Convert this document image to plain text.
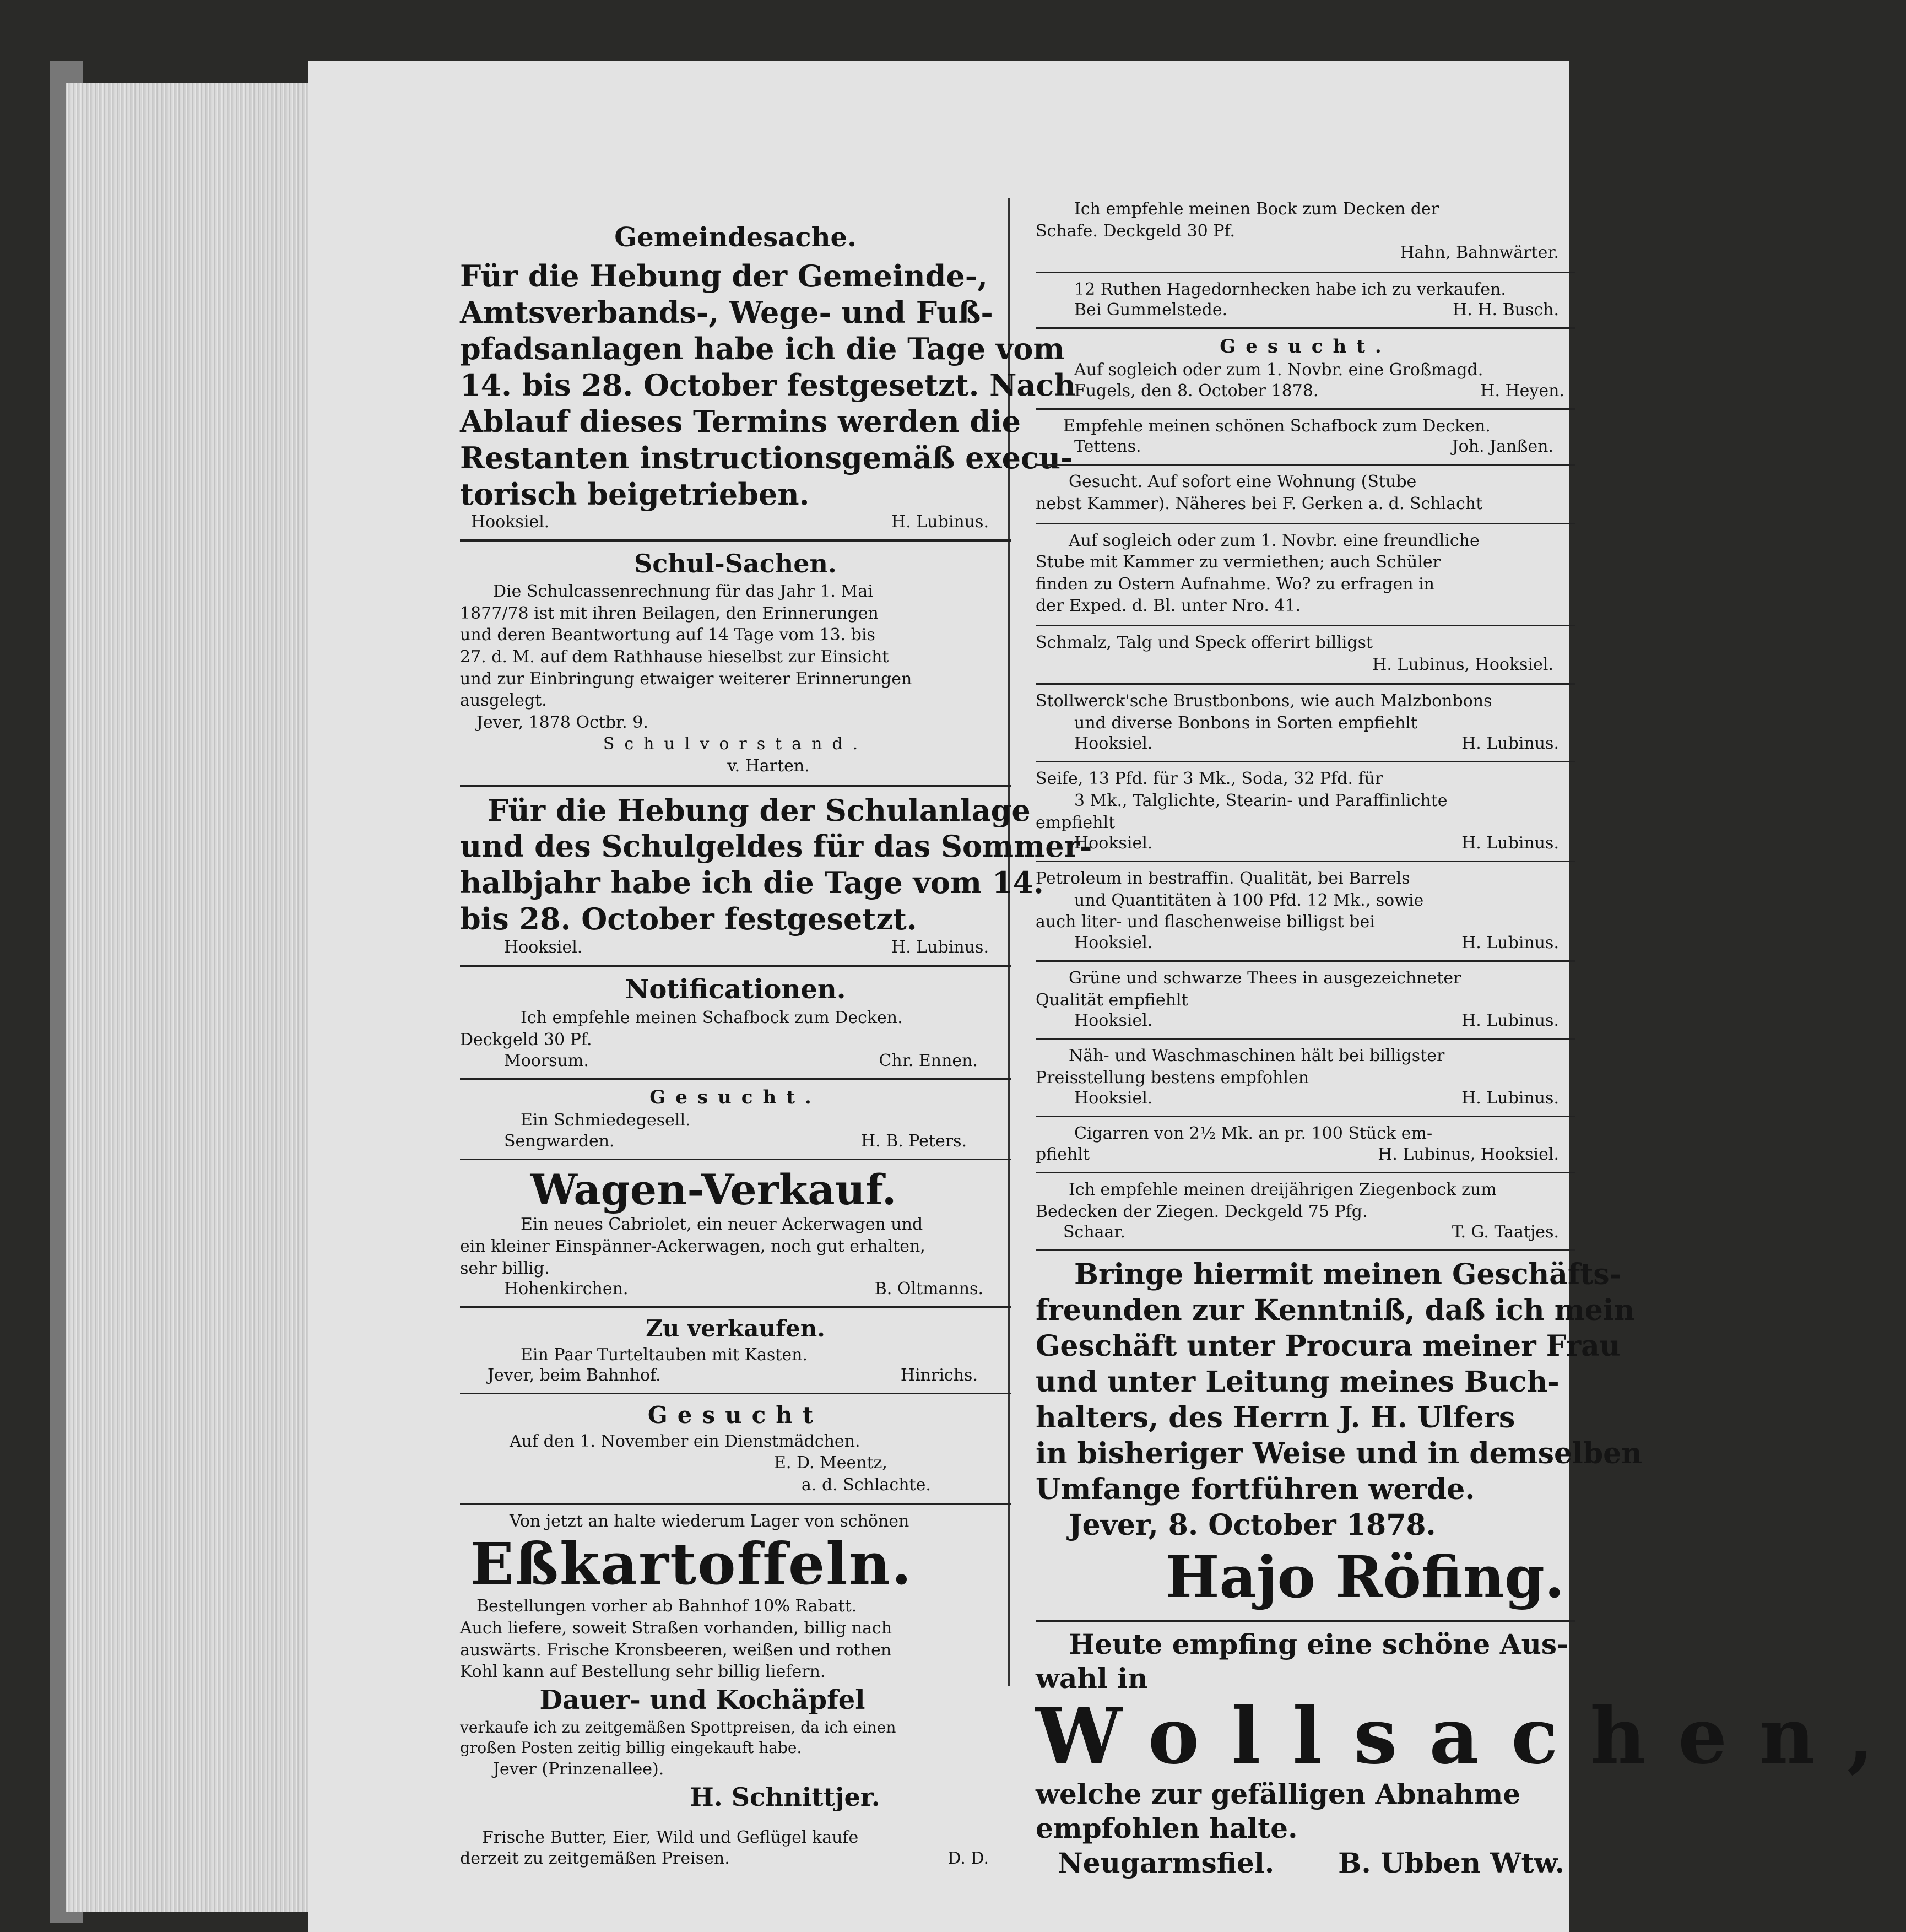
Gemeindesache.

Für die Hebung der Gemeinde-,

Amtsverbands-, Wege- und Fuß-

pfadsanlagen habe ich die Tage vom

14. bis 28. October festgesetzt. Nach

Ablauf dieses Termins werden die

Restanten instructionsgemäß execu-

torisch beigetrieben.

Hooksiel.	H. Lubinus.

Schul-Sachen.

Die Schulcassenrechnung für das Jahr 1. Mai

1877/78 ist mit ihren Beilagen, den Erinnerungen

und deren Beantwortung auf 14 Tage vom 13. bis

27. d. M. auf dem Rathhause hieselbst zur Einsicht

und zur Einbringung etwaiger weiterer Erinnerungen

ausgelegt.

Jever, 1878 Octbr. 9.

Schulvorstand.

v. Harten.

Für die Hebung der Schulanlage

und des Schulgeldes für das Sommer-

halbjahr habe ich die Tage vom 14.

bis 28. October festgesetzt.

Hooksiel.	H. Lubinus.

Notificationen.

Ich empfehle meinen Schafbock zum Decken.

Deckgeld 30 Pf.

Moorsum.	Chr. Ennen.

Gesucht.

Ein Schmiedegesell.

Sengwarden.	H. B. Peters.

Wagen-Verkauf.

Ein neues Cabriolet, ein neuer Ackerwagen und

ein kleiner Einspänner-Ackerwagen, noch gut erhalten,

sehr billig.

Hohenkirchen.	B. Oltmanns.

Zu verkaufen.

Ein Paar Turteltauben mit Kasten.

Jever, beim Bahnhof.	Hinrichs.

Gesucht

Auf den 1. November ein Dienstmädchen.

E. D. Meentz,

a. d. Schlachte.

Von jetzt an halte wiederum Lager von schönen

Eßkartoffeln.

Bestellungen vorher ab Bahnhof 10% Rabatt.

Auch liefere, soweit Straßen vorhanden, billig nach

auswärts. Frische Kronsbeeren, weißen und rothen

Kohl kann auf Bestellung sehr billig liefern.

Dauer- und Kochäpfel

verkaufe ich zu zeitgemäßen Spottpreisen, da ich einen

großen Posten zeitig billig eingekauft habe.

Jever (Prinzenallee).

H. Schnittjer.

Frische Butter, Eier, Wild und Geflügel kaufe

derzeit zu zeitgemäßen Preisen.	D. D.

Ich empfehle meinen Bock zum Decken der

Schafe. Deckgeld 30 Pf.

Hahn, Bahnwärter.

12 Ruthen Hagedornhecken habe ich zu verkaufen.

Bei Gummelstede.	H. H. Busch.

Gesucht.

Auf sogleich oder zum 1. Novbr. eine Großmagd.

Fugels, den 8. October 1878.	H. Heyen.

Empfehle meinen schönen Schafbock zum Decken.

Tettens.	Joh. Janßen.

Gesucht. Auf sofort eine Wohnung (Stube

nebst Kammer). Näheres bei F. Gerken a. d. Schlacht

Auf sogleich oder zum 1. Novbr. eine freundliche

Stube mit Kammer zu vermiethen; auch Schüler

finden zu Ostern Aufnahme. Wo? zu erfragen in

der Exped. d. Bl. unter Nro. 41.

Schmalz, Talg und Speck offerirt billigst

H. Lubinus, Hooksiel.

Stollwerck'sche Brustbonbons, wie auch Malzbonbons

und diverse Bonbons in Sorten empfiehlt

Hooksiel.	H. Lubinus.

Seife, 13 Pfd. für 3 Mk., Soda, 32 Pfd. für

3 Mk., Talglichte, Stearin- und Paraffinlichte

empfiehlt

Hooksiel.	H. Lubinus.

Petroleum in bestraffin. Qualität, bei Barrels

und Quantitäten à 100 Pfd. 12 Mk., sowie

auch liter- und flaschenweise billigst bei

Hooksiel.	H. Lubinus.

Grüne und schwarze Thees in ausgezeichneter

Qualität empfiehlt

Hooksiel.	H. Lubinus.

Näh- und Waschmaschinen hält bei billigster

Preisstellung bestens empfohlen

Hooksiel.	H. Lubinus.

Cigarren von 2½ Mk. an pr. 100 Stück em-

pfiehlt	H. Lubinus, Hooksiel.

Ich empfehle meinen dreijährigen Ziegenbock zum

Bedecken der Ziegen. Deckgeld 75 Pfg.

Schaar.	T. G. Taatjes.

Bringe hiermit meinen Geschäfts-

freunden zur Kenntniß, daß ich mein

Geschäft unter Procura meiner Frau

und unter Leitung meines Buch-

halters, des Herrn J. H. Ulfers

in bisheriger Weise und in demselben

Umfange fortführen werde.

Jever, 8. October 1878.

Hajo Röfing.

Heute empfing eine schöne Aus-

wahl in

Wollsachen,

welche zur gefälligen Abnahme

empfohlen halte.

Neugarmsfiel. B. Ubben Wtw.
